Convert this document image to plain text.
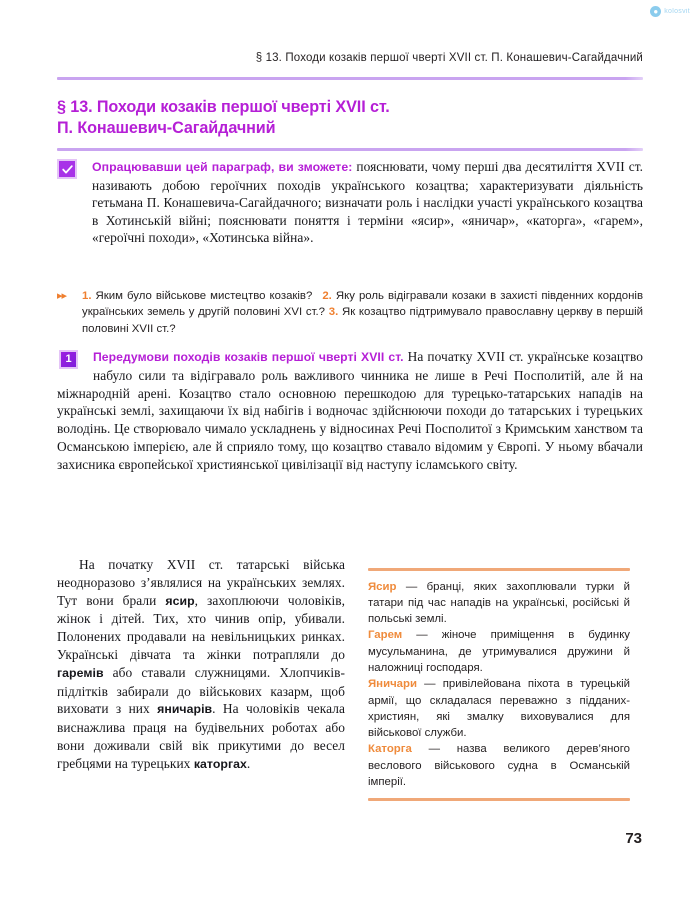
● kolosvit
§ 13. Походи козаків першої чверті XVII ст. П. Конашевич-Сагайдачний
§ 13. Походи козаків першої чверті XVII ст.
П. Конашевич-Сагайдачний
Опрацювавши цей параграф, ви зможете: пояснювати, чому перші два десятиліття XVII ст. називають добою героїчних походів українського козацтва; характеризувати діяльність гетьмана П. Конашевича-Сагайдачного; визначати роль і наслідки участі українського козацтва в Хотинській війні; пояснювати поняття і терміни «ясир», «яничар», «каторга», «гарем», «героїчні походи», «Хотинська війна».
▸▸	1. Яким було військове мистецтво козаків? 2. Яку роль відігравали козаки в захисті південних кордонів українських земель у другій половині XVI ст.? 3. Як козацтво підтримувало православну церкву в першій половині XVII ст.?
1	Передумови походів козаків першої чверті XVII ст. На початку XVII ст. українське козацтво набуло сили та відігравало роль важливого чинника не лише в Речі Посполитій, але й на міжнародній арені. Козацтво стало основною перешкодою для турецько-татарських нападів на українські землі, захищаючи їх від набігів і водночас здійснюючи походи до татарських і турецьких володінь. Це створювало чимало ускладнень у відносинах Речі Посполитої з Кримським ханством та Османською імперією, але й сприяло тому, що козацтво ставало відомим у Європі. У ньому вбачали захисника європейської християнської цивілізації від наступу ісламського світу.
На початку XVII ст. татарські війська неодноразово з’являлися на українських землях. Тут вони брали ясир, захоплюючи чоловіків, жінок і дітей. Тих, хто чинив опір, убивали. Полонених продавали на невільницьких ринках. Українські дівчата та жінки потрапляли до гаремів або ставали служницями. Хлопчиків-підлітків забирали до військових казарм, щоб виховати з них яничарів. На чоловіків чекала виснажлива праця на будівельних роботах або вони доживали свій вік прикутими до весел гребцями на турецьких каторгах.
Ясир — бранці, яких захоплювали турки й татари під час нападів на українські, російські й польські землі.
Гарем — жіноче приміщення в будинку мусульманина, де утримувалися дружини й наложниці господаря.
Яничари — привілейована піхота в турецькій армії, що складалася переважно з підданих-християн, які змалку виховувалися для військової служби.
Каторга — назва великого дерев’яного веслового військового судна в Османській імперії.
73
